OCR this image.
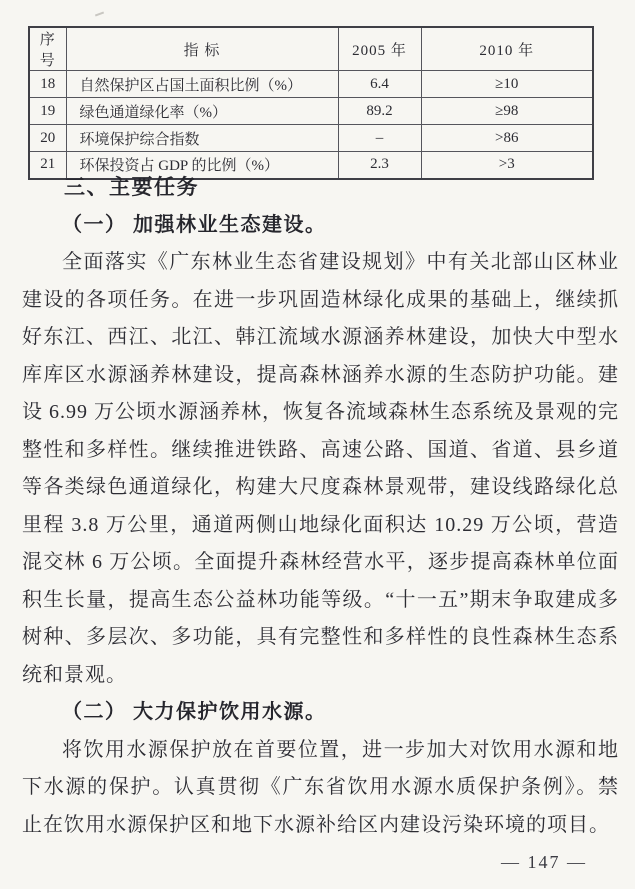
序号	指 标	2005 年	2010 年
18	自然保护区占国土面积比例（%）	6.4	≥10
19	绿色通道绿化率（%）	89.2	≥98
20	环境保护综合指数	–	>86
21	环保投资占 GDP 的比例（%）	2.3	>3
三、主要任务
（一） 加强林业生态建设。
全面落实《广东林业生态省建设规划》中有关北部山区林业建设的各项任务。在进一步巩固造林绿化成果的基础上，继续抓好东江、西江、北江、韩江流域水源涵养林建设，加快大中型水库库区水源涵养林建设，提高森林涵养水源的生态防护功能。建设 6.99 万公顷水源涵养林，恢复各流域森林生态系统及景观的完整性和多样性。继续推进铁路、高速公路、国道、省道、县乡道等各类绿色通道绿化，构建大尺度森林景观带，建设线路绿化总里程 3.8 万公里，通道两侧山地绿化面积达 10.29 万公顷，营造混交林 6 万公顷。全面提升森林经营水平，逐步提高森林单位面积生长量，提高生态公益林功能等级。“十一五”期末争取建成多树种、多层次、多功能，具有完整性和多样性的良性森林生态系统和景观。
（二） 大力保护饮用水源。
将饮用水源保护放在首要位置，进一步加大对饮用水源和地下水源的保护。认真贯彻《广东省饮用水源水质保护条例》。禁止在饮用水源保护区和地下水源补给区内建设污染环境的项目。
— 147 —
